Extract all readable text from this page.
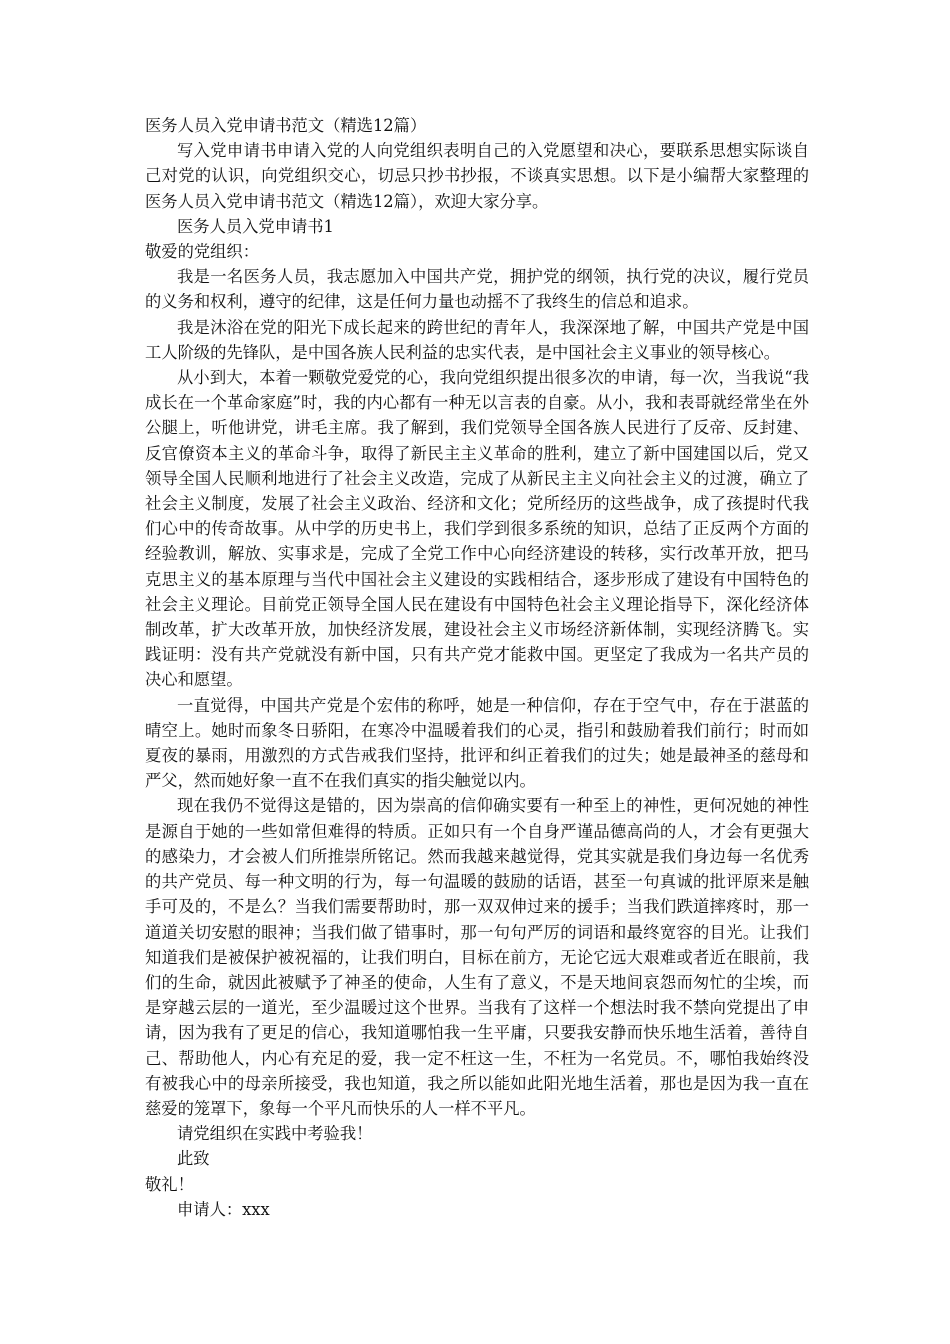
医务人员入党申请书范文（精选12篇）

写入党申请书申请入党的人向党组织表明自己的入党愿望和决心，要联系思想实际谈自己对党的认识，向党组织交心，切忌只抄书抄报，不谈真实思想。以下是小编帮大家整理的医务人员入党申请书范文（精选12篇），欢迎大家分享。

医务人员入党申请书1

敬爱的党组织：

我是一名医务人员，我志愿加入中国共产党，拥护党的纲领，执行党的决议，履行党员的义务和权利，遵守的纪律，这是任何力量也动摇不了我终生的信总和追求。

我是沐浴在党的阳光下成长起来的跨世纪的青年人，我深深地了解，中国共产党是中国工人阶级的先锋队，是中国各族人民利益的忠实代表，是中国社会主义事业的领导核心。

从小到大，本着一颗敬党爱党的心，我向党组织提出很多次的申请，每一次，当我说“我成长在一个革命家庭”时，我的内心都有一种无以言表的自豪。从小，我和表哥就经常坐在外公腿上，听他讲党，讲毛主席。我了解到，我们党领导全国各族人民进行了反帝、反封建、反官僚资本主义的革命斗争，取得了新民主主义革命的胜利，建立了新中国建国以后，党又领导全国人民顺利地进行了社会主义改造，完成了从新民主主义向社会主义的过渡，确立了社会主义制度，发展了社会主义政治、经济和文化；党所经历的这些战争，成了孩提时代我们心中的传奇故事。从中学的历史书上，我们学到很多系统的知识，总结了正反两个方面的经验教训，解放、实事求是，完成了全党工作中心向经济建设的转移，实行改革开放，把马克思主义的基本原理与当代中国社会主义建设的实践相结合，逐步形成了建设有中国特色的社会主义理论。目前党正领导全国人民在建设有中国特色社会主义理论指导下，深化经济体制改革，扩大改革开放，加快经济发展，建设社会主义市场经济新体制，实现经济腾飞。实践证明：没有共产党就没有新中国，只有共产党才能救中国。更坚定了我成为一名共产员的决心和愿望。

一直觉得，中国共产党是个宏伟的称呼，她是一种信仰，存在于空气中，存在于湛蓝的晴空上。她时而象冬日骄阳，在寒冷中温暖着我们的心灵，指引和鼓励着我们前行；时而如夏夜的暴雨，用激烈的方式告戒我们坚持，批评和纠正着我们的过失；她是最神圣的慈母和严父，然而她好象一直不在我们真实的指尖触觉以内。

现在我仍不觉得这是错的，因为崇高的信仰确实要有一种至上的神性，更何况她的神性是源自于她的一些如常但难得的特质。正如只有一个自身严谨品德高尚的人，才会有更强大的感染力，才会被人们所推崇所铭记。然而我越来越觉得，党其实就是我们身边每一名优秀的共产党员、每一种文明的行为，每一句温暖的鼓励的话语，甚至一句真诚的批评原来是触手可及的，不是么？当我们需要帮助时，那一双双伸过来的援手；当我们跌道摔疼时，那一道道关切安慰的眼神；当我们做了错事时，那一句句严厉的词语和最终宽容的目光。让我们知道我们是被保护被祝福的，让我们明白，目标在前方，无论它远大艰难或者近在眼前，我们的生命，就因此被赋予了神圣的使命，人生有了意义，不是天地间哀怨而匆忙的尘埃，而是穿越云层的一道光，至少温暖过这个世界。当我有了这样一个想法时我不禁向党提出了申请，因为我有了更足的信心，我知道哪怕我一生平庸，只要我安静而快乐地生活着，善待自己、帮助他人，内心有充足的爱，我一定不枉这一生，不枉为一名党员。不，哪怕我始终没有被我心中的母亲所接受，我也知道，我之所以能如此阳光地生活着，那也是因为我一直在慈爱的笼罩下，象每一个平凡而快乐的人一样不平凡。

请党组织在实践中考验我！

此致

敬礼！

申请人：xxx
